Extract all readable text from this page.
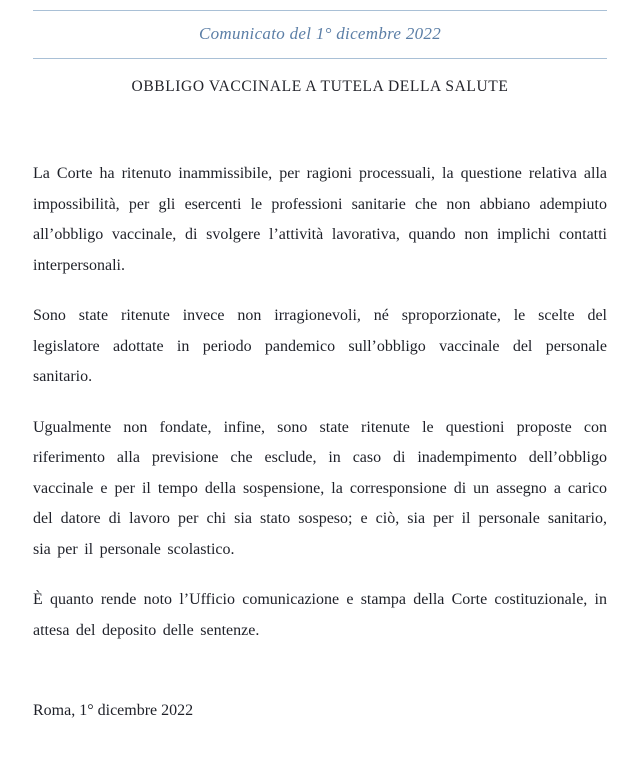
Comunicato del 1° dicembre 2022
OBBLIGO VACCINALE A TUTELA DELLA SALUTE

La Corte ha ritenuto inammissibile, per ragioni processuali, la questione relativa alla impossibilità, per gli esercenti le professioni sanitarie che non abbiano adempiuto all’obbligo vaccinale, di svolgere l’attività lavorativa, quando non implichi contatti interpersonali.

Sono state ritenute invece non irragionevoli, né sproporzionate, le scelte del legislatore adottate in periodo pandemico sull’obbligo vaccinale del personale sanitario.

Ugualmente non fondate, infine, sono state ritenute le questioni proposte con riferimento alla previsione che esclude, in caso di inadempimento dell’obbligo vaccinale e per il tempo della sospensione, la corresponsione di un assegno a carico del datore di lavoro per chi sia stato sospeso; e ciò, sia per il personale sanitario, sia per il personale scolastico.

È quanto rende noto l’Ufficio comunicazione e stampa della Corte costituzionale, in attesa del deposito delle sentenze.

Roma, 1° dicembre 2022
